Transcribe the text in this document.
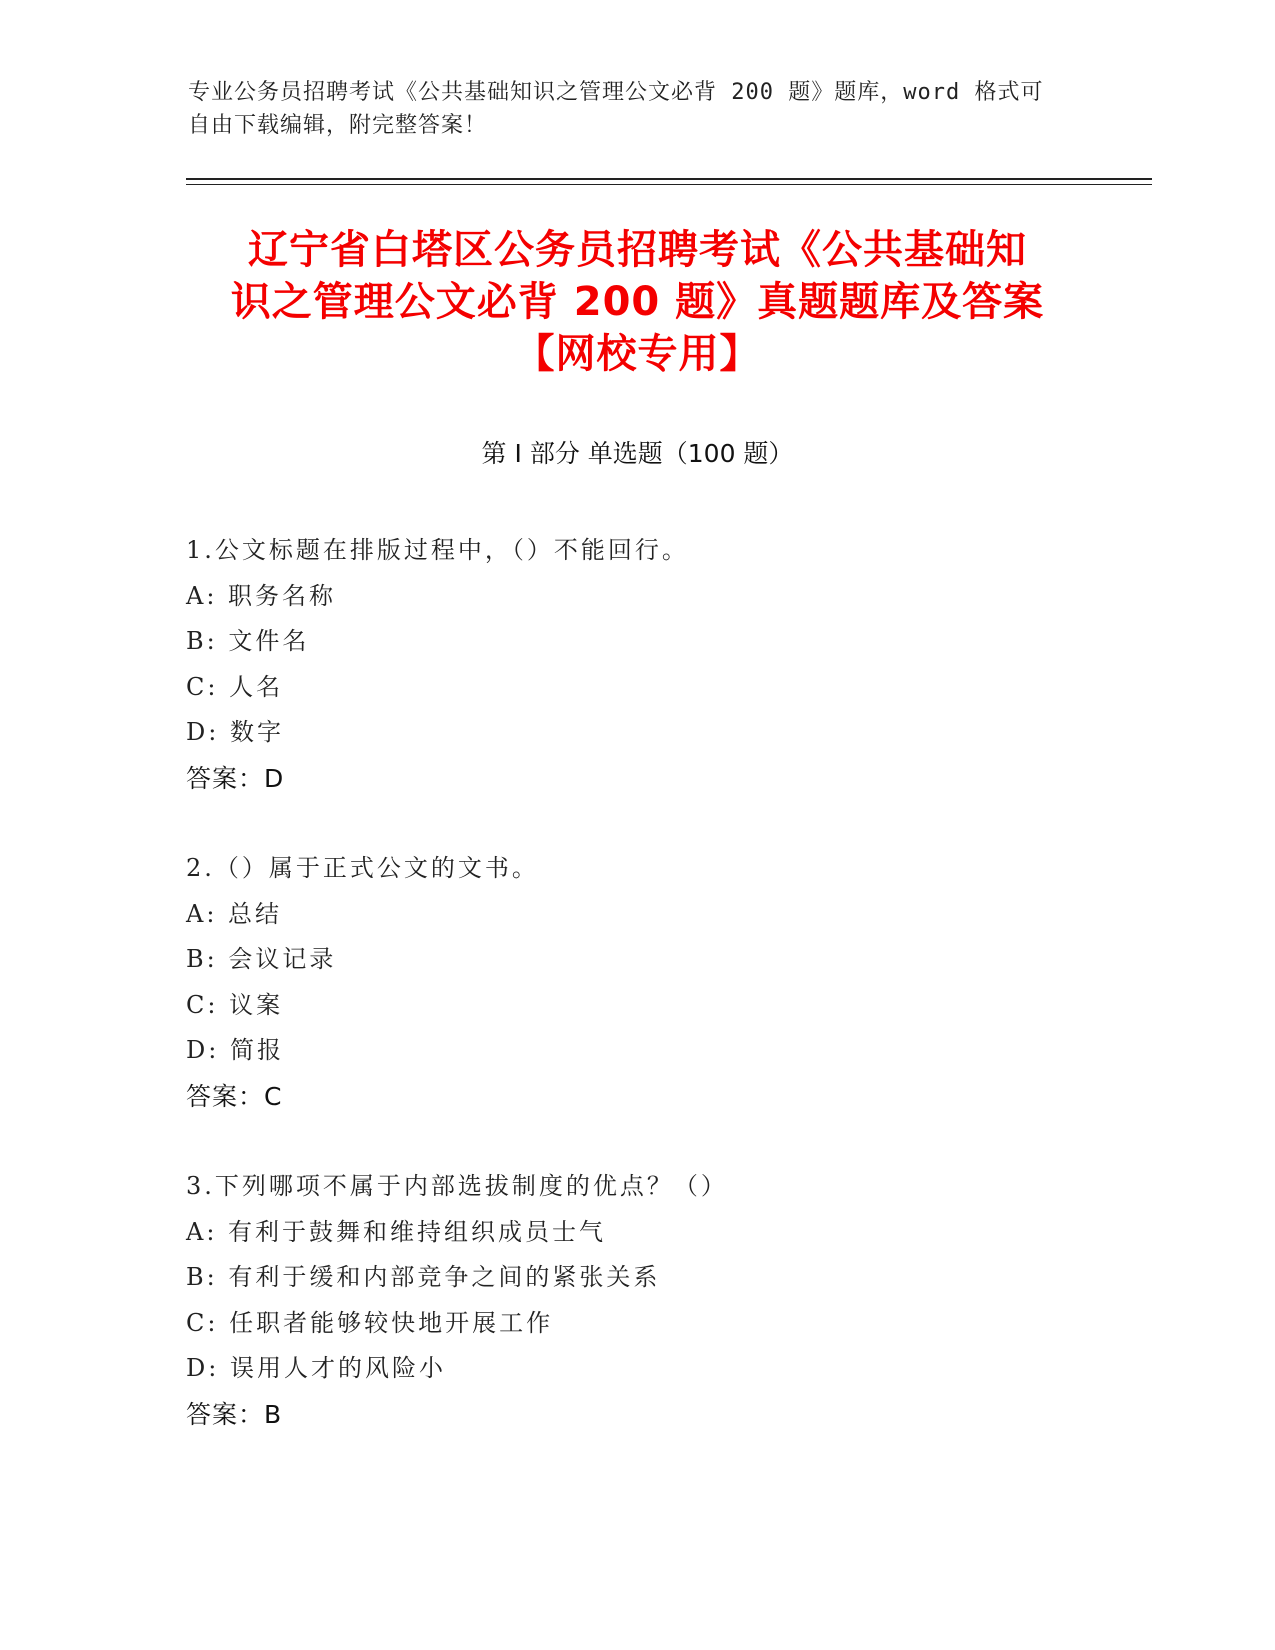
专业公务员招聘考试《公共基础知识之管理公文必背 200 题》题库，word 格式可
自由下载编辑，附完整答案！
辽宁省白塔区公务员招聘考试《公共基础知
识之管理公文必背 200 题》真题题库及答案
【网校专用】
第 I 部分 单选题（100 题）
1.公文标题在排版过程中，（）不能回行。
A: 职务名称
B: 文件名
C: 人名
D: 数字
答案：D
2.（）属于正式公文的文书。
A: 总结
B: 会议记录
C: 议案
D: 简报
答案：C
3.下列哪项不属于内部选拔制度的优点？（）
A: 有利于鼓舞和维持组织成员士气
B: 有利于缓和内部竞争之间的紧张关系
C: 任职者能够较快地开展工作
D: 误用人才的风险小
答案：B
